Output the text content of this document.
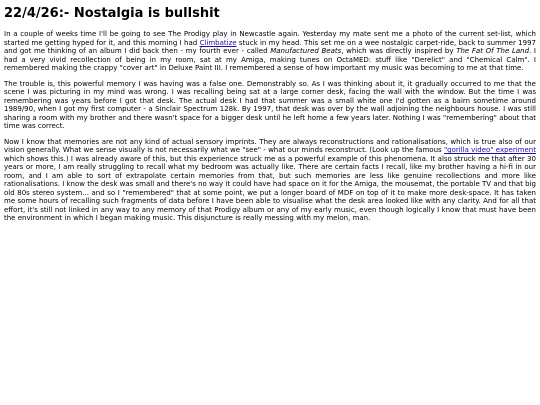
22/4/26:- Nostalgia is bullshit

In a couple of weeks time I'll be going to see The Prodigy play in Newcastle again. Yesterday my mate sent me a photo of the current set-list, which started me getting hyped for it, and this morning I had Climbatize stuck in my head. This set me on a wee nostalgic carpet-ride, back to summer 1997 and got me thinking of an album I did back then - my fourth ever - called Manufactured Beats, which was directly inspired by The Fat Of The Land. I had a very vivid recollection of being in my room, sat at my Amiga, making tunes on OctaMED: stuff like "Derelict" and "Chemical Calm". I remembered making the crappy "cover art" in Deluxe Paint III. I remembered a sense of how important my music was becoming to me at that time.

The trouble is, this powerful memory I was having was a false one. Demonstrably so. As I was thinking about it, it gradually occurred to me that the scene I was picturing in my mind was wrong. I was recalling being sat at a large corner desk, facing the wall with the window. But the time I was remembering was years before I got that desk. The actual desk I had that summer was a small white one I'd gotten as a bairn sometime around 1989/90, when I got my first computer - a Sinclair Spectrum 128k. By 1997, that desk was over by the wall adjoining the neighbours house. I was still sharing a room with my brother and there wasn't space for a bigger desk until he left home a few years later. Nothing I was "remembering" about that time was correct.

Now I know that memories are not any kind of actual sensory imprints. They are always reconstructions and rationalisations, which is true also of our vision generally. What we sense visually is not necessarily what we "see" - what our minds reconstruct. (Look up the famous "gorilla video" experiment which shows this.) I was already aware of this, but this experience struck me as a powerful example of this phenomena. It also struck me that after 30 years or more, I am really struggling to recall what my bedroom was actually like. There are certain facts I recall, like my brother having a hi-fi in our room, and I am able to sort of extrapolate certain memories from that, but such memories are less like genuine recollections and more like rationalisations. I know the desk was small and there's no way it could have had space on it for the Amiga, the mousemat, the portable TV and that big old 80s stereo system... and so I "remembered" that at some point, we put a longer board of MDF on top of it to make more desk-space. It has taken me some hours of recalling such fragments of data before I have been able to visualise what the desk area looked like with any clarity. And for all that effort, it's still not linked in any way to any memory of that Prodigy album or any of my early music, even though logically I know that must have been the environment in which I began making music. This disjuncture is really messing with my melon, man.
